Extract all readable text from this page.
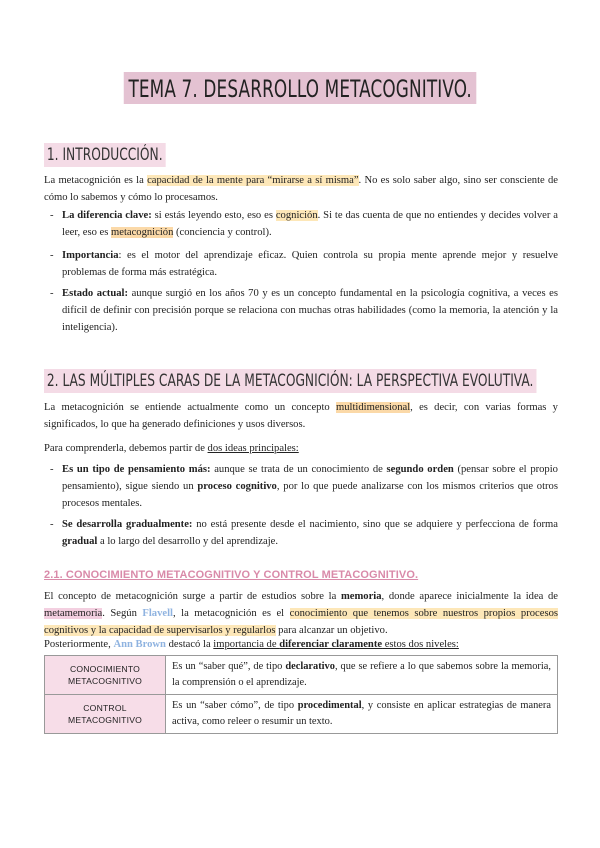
TEMA 7. DESARROLLO METACOGNITIVO.
1. INTRODUCCIÓN.
La metacognición es la capacidad de la mente para “mirarse a sí misma”. No es solo saber algo, sino ser consciente de cómo lo sabemos y cómo lo procesamos.
- La diferencia clave: si estás leyendo esto, eso es cognición. Si te das cuenta de que no entiendes y decides volver a leer, eso es metacognición (conciencia y control).
- Importancia: es el motor del aprendizaje eficaz. Quien controla su propia mente aprende mejor y resuelve problemas de forma más estratégica.
- Estado actual: aunque surgió en los años 70 y es un concepto fundamental en la psicología cognitiva, a veces es difícil de definir con precisión porque se relaciona con muchas otras habilidades (como la memoria, la atención y la inteligencia).
2. LAS MÚLTIPLES CARAS DE LA METACOGNICIÓN: LA PERSPECTIVA EVOLUTIVA.
La metacognición se entiende actualmente como un concepto multidimensional, es decir, con varias formas y significados, lo que ha generado definiciones y usos diversos.
Para comprenderla, debemos partir de dos ideas principales:
- Es un tipo de pensamiento más: aunque se trata de un conocimiento de segundo orden (pensar sobre el propio pensamiento), sigue siendo un proceso cognitivo, por lo que puede analizarse con los mismos criterios que otros procesos mentales.
- Se desarrolla gradualmente: no está presente desde el nacimiento, sino que se adquiere y perfecciona de forma gradual a lo largo del desarrollo y del aprendizaje.
2.1. CONOCIMIENTO METACOGNITIVO Y CONTROL METACOGNITIVO.
El concepto de metacognición surge a partir de estudios sobre la memoria, donde aparece inicialmente la idea de metamemoria. Según Flavell, la metacognición es el conocimiento que tenemos sobre nuestros propios procesos cognitivos y la capacidad de supervisarlos y regularlos para alcanzar un objetivo.
Posteriormente, Ann Brown destacó la importancia de diferenciar claramente estos dos niveles:
CONOCIMIENTO
METACOGNITIVO	Es un “saber qué”, de tipo declarativo, que se refiere a lo que sabemos sobre la memoria, la comprensión o el aprendizaje.
CONTROL
METACOGNITIVO	Es un “saber cómo”, de tipo procedimental, y consiste en aplicar estrategias de manera activa, como releer o resumir un texto.
